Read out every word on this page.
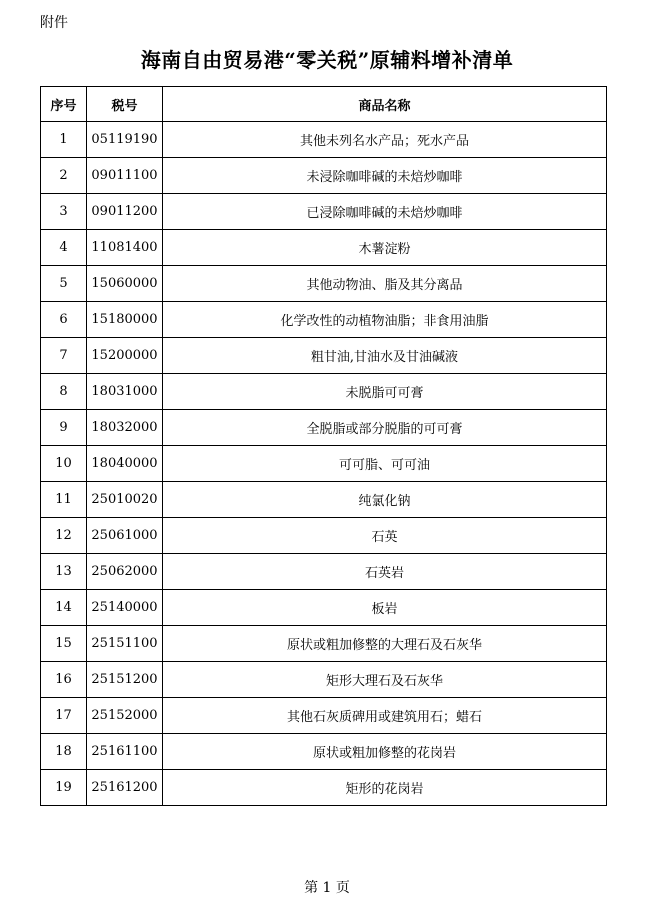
附件
海南自由贸易港“零关税”原辅料增补清单
序号	税号	商品名称
1	05119190	其他未列名水产品；死水产品
2	09011100	未浸除咖啡碱的未焙炒咖啡
3	09011200	已浸除咖啡碱的未焙炒咖啡
4	11081400	木薯淀粉
5	15060000	其他动物油、脂及其分离品
6	15180000	化学改性的动植物油脂；非食用油脂
7	15200000	粗甘油,甘油水及甘油碱液
8	18031000	未脱脂可可膏
9	18032000	全脱脂或部分脱脂的可可膏
10	18040000	可可脂、可可油
11	25010020	纯氯化钠
12	25061000	石英
13	25062000	石英岩
14	25140000	板岩
15	25151100	原状或粗加修整的大理石及石灰华
16	25151200	矩形大理石及石灰华
17	25152000	其他石灰质碑用或建筑用石；蜡石
18	25161100	原状或粗加修整的花岗岩
19	25161200	矩形的花岗岩
第 1 页
